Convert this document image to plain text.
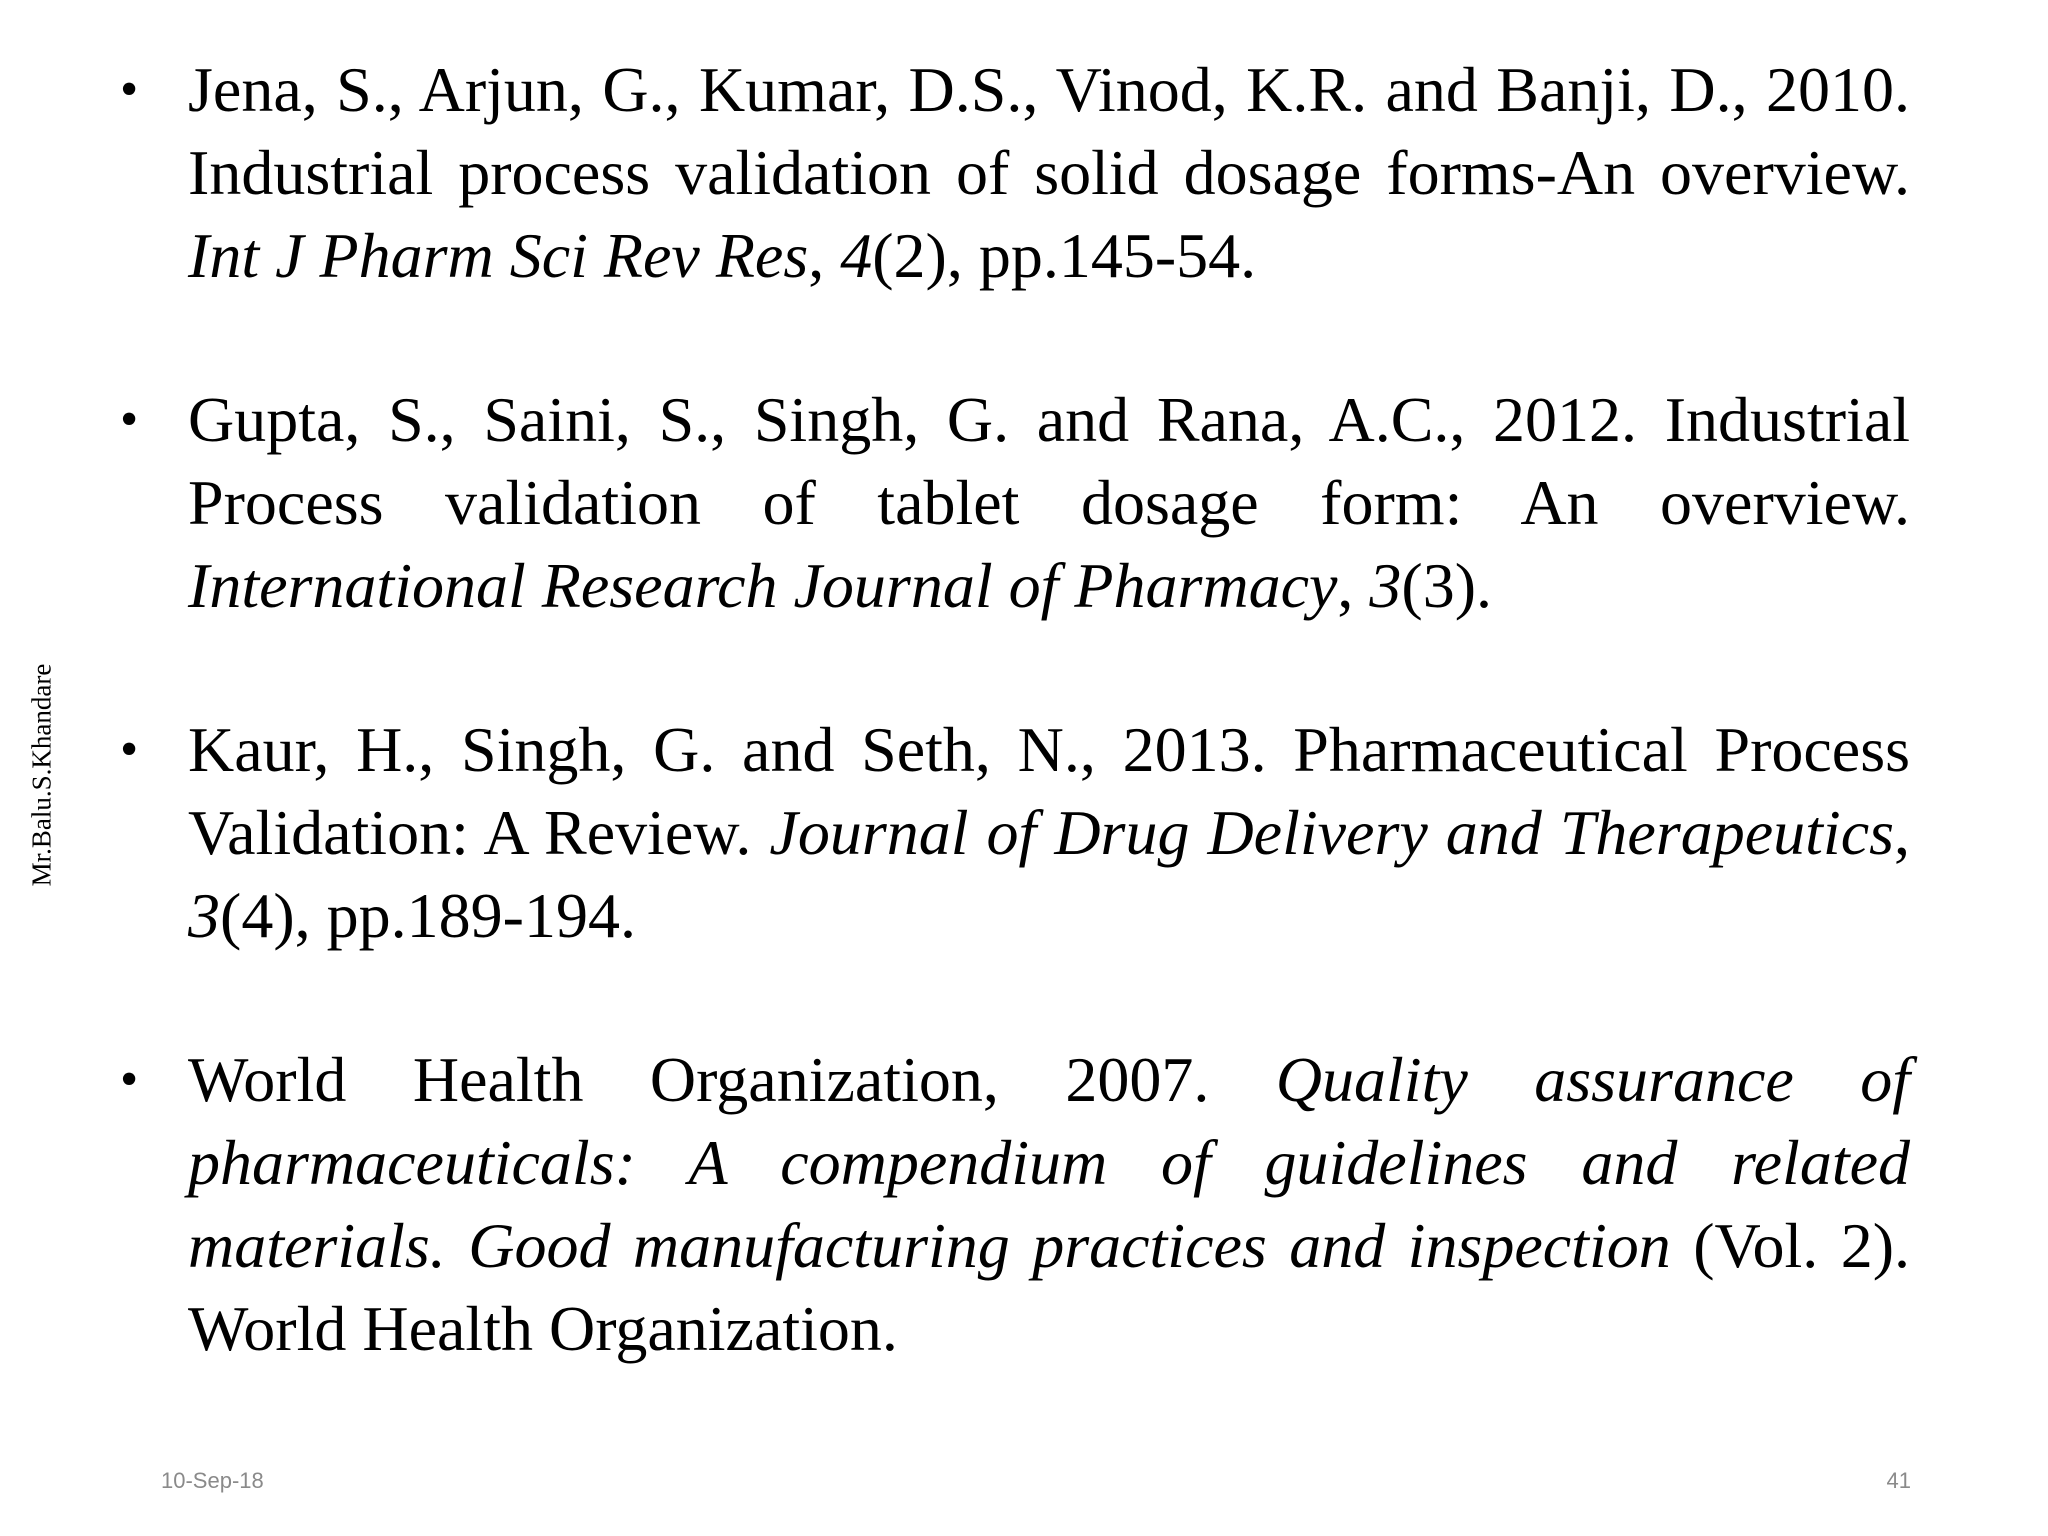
Mr.Balu.S.Khandare
• Jena, S., Arjun, G., Kumar, D.S., Vinod, K.R. and Banji, D., 2010. Industrial process validation of solid dosage forms-An overview. Int J Pharm Sci Rev Res, 4(2), pp.145-54.
• Gupta, S., Saini, S., Singh, G. and Rana, A.C., 2012. Industrial Process validation of tablet dosage form: An overview. International Research Journal of Pharmacy, 3(3).
• Kaur, H., Singh, G. and Seth, N., 2013. Pharmaceutical Process Validation: A Review. Journal of Drug Delivery and Therapeutics, 3(4), pp.189-194.
• World Health Organization, 2007. Quality assurance of pharmaceuticals: A compendium of guidelines and related materials. Good manufacturing practices and inspection (Vol. 2). World Health Organization.
10-Sep-18	41
